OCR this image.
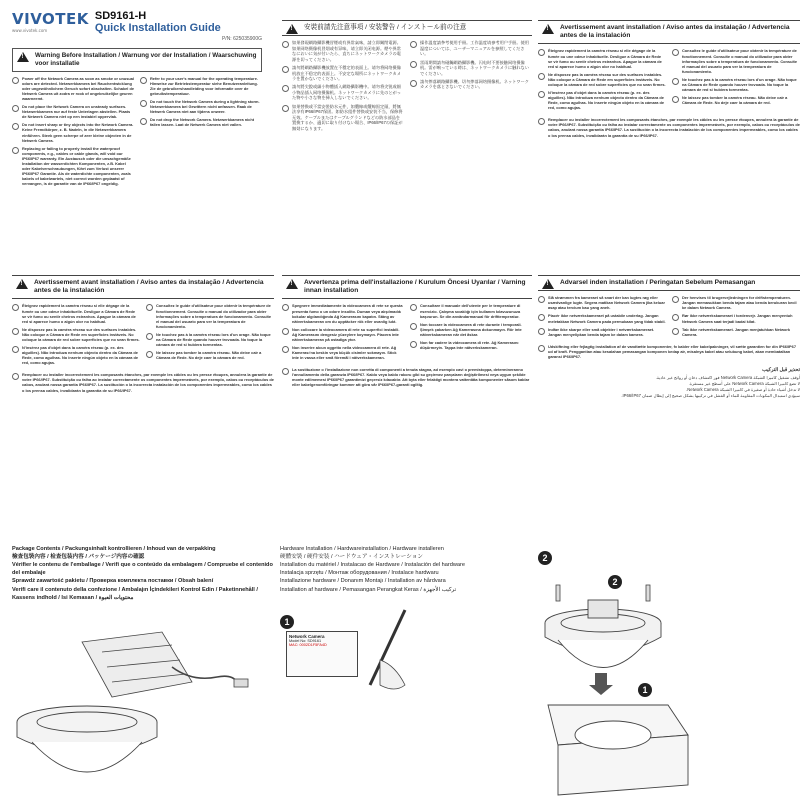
VIVOTEK
www.vivotek.com
SD9161-H
Quick Installation Guide
P/N: 625035900G
!
Warning Before Installation / Warnung vor der Installation / Waarschuwing voor installatie

Power off the Network Camera as soon as smoke or unusual odors are detected. Netzwerkkamera bei Rauchentwicklung oder ungewöhnlichem Geruch sofort abschalten. Schakel de Netwerk Camera uit zodra er rook of ongebruikelijke geuren waarneemt.

Do not place the Network Camera on unsteady surfaces. Netzwerkkamera nur auf feste Unterlagen abstellen. Plaats de Netwerk Camera niet op een instabiel oppervlak.

Do not insert sharp or tiny objects into the Network Camera. Keine Fremdkörper, z. B. Nadeln, in die Netzwerkkamera einführen. Steek geen scherpe of zeer kleine objecten in de Netwerk Camera.

Replacing or failing to properly install the waterproof components, e.g., cables or cable glands, will void our IP66/IP67 warranty. Ein Austausch oder die unsachgemäße Installation der wasserdichten Komponenten, z.B. Kabel oder Kabelverschraubungen, führt zum Verlust unserer IP66/IP67 Garantie. Als de waterdichte componenten, zoals kabels of kabelwartels, niet correct worden geplaatst of vervangen, is de garantie van de IP66/IP67 ongeldig.

Refer to your user's manual for the operating temperature. Hinweise zur Betriebstemperatur siehe Benutzeranleitung. Zie de gebruikershandleiding voor informatie over de gebruikstemperatuur.

Do not touch the Network Camera during a lightning storm. Netzwerkkamera bei Gewittern nicht anfassen. Raak de Netwerk Camera niet aan tijdens onweer.

Do not drop the Network Camera. Netzwerkkamera nicht fallen lassen. Laat de Netwerk Camera niet vallen.

!
安裝前請先注意事項 / 安装警告 / インストール前の注意

如果發現網路攝影機冒煙或有異常氣味，請立即關閉電源。如果网络摄像机冒烟或有异味，请立即关闭电源。煙や異常なにおいに気が付いたら、直ちにネットワークカメラの電源を切ってください。

請勿將網路攝影機放置在不穩定的表面上。请勿将网络摄像机放在不稳定的表面上。不安定な場所にネットワークカメラを置かないでください。

請勿將尖銳或細小物體插入網路攝影機中。请勿将尖锐或细小物品插入网络摄像机。ネットワークカメラに先のとがった物や小さな物を挿入しないでください。

如果替換或不當安裝防水元件，如纜線或纜線固定頭，將無法享有IP66/IP67保固。如防水组件替换或安装不当，保修将无效。ケーブルまたはケーブルグランドなどの防水部品を置換するか、適切に取り付けない場合、IP66/IP67の保証が無効になります。

操作溫度請參考使用手冊。工作温度请参考用户手册。使用温度については、ユーザーマニュアルを参照してください。

雷雨期間請勿碰觸網路攝影機。闪电时不要接触网络摄像机。雷が鳴っている時は、ネットワークカメラに触れないでください。

請勿摔落網路攝影機。切勿摔落网络摄像机。ネットワークカメラを落とさないでください。

!
Avertissement avant installation / Aviso antes da instalação / Advertencia antes de la instalación

Éteignez rapidement la caméra réseau si elle dégage de la fumée ou une odeur inhabituelle. Desligue a Câmara de Rede se vir fumo ou sentir cheiros estranhos. Apague la cámara de red si aparece humo o algún olor no habitual.

Ne disposez pas la caméra réseau sur des surfaces instables. Não coloque a Câmara de Rede em superfícies instáveis. No coloque la cámara de red sobre superficies que no sean firmes.

N'insérez pas d'objet dans la caméra réseau (p. ex. des aiguilles). Não introduza nenhum objecto dentro da Câmara de Rede, como agulhas. No inserte ningún objeto en la cámara de red, como agujas.

Consultez le guide d'utilisateur pour obtenir la température de fonctionnement. Consulte o manual do utilizador para obter informações sobre a temperatura de funcionamento. Consulte el manual del usuario para ver la temperatura de funcionamiento.

Ne touchez pas à la caméra réseau lors d'un orage. Não toque na Câmara de Rede quando houver trovoada. No toque la cámara de red si hubiera tormentas.

Ne laissez pas tomber la caméra réseau. Não deixe cair a Câmara de Rede. No deje caer la cámara de red.

Remplacer ou installer incorrectement les composants étanches, par exemple les câbles ou les presse étoupes, annulera la garantie de votre IP66/IP67. Substituição ou falha ao instalar correctamente os componentes impermeáveis, por exemplo, cabos ou receptáculos de cabos, anulará nossa garantia IP66/IP67. La sustitución o la incorrecta instalación de los componentes impermeables, como los cables o los prensa cables, invalidarán la garantía de su IP66/IP67.

!
Avertissement avant installation / Aviso antes da instalação / Advertencia antes de la instalación

Éteignez rapidement la caméra réseau si elle dégage de la fumée ou une odeur inhabituelle. Desligue a Câmara de Rede se vir fumo ou sentir cheiros estranhos. Apague la cámara de red si aparece humo o algún olor no habitual.

Ne disposez pas la caméra réseau sur des surfaces instables. Não coloque a Câmara de Rede em superfícies instáveis. No coloque la cámara de red sobre superficies que no sean firmes.

N'insérez pas d'objet dans la caméra réseau (p. ex. des aiguilles). Não introduza nenhum objecto dentro da Câmara de Rede, como agulhas. No inserte ningún objeto en la cámara de red, como agujas.

Consultez le guide d'utilisateur pour obtenir la température de fonctionnement. Consulte o manual do utilizador para obter informações sobre a temperatura de funcionamento. Consulte el manual del usuario para ver la temperatura de funcionamiento.

Ne touchez pas à la caméra réseau lors d'un orage. Não toque na Câmara de Rede quando houver trovoada. No toque la cámara de red si hubiera tormentas.

Ne laissez pas tomber la caméra réseau. Não deixe cair a Câmara de Rede. No deje caer la cámara de red.

Remplacer ou installer incorrectement les composants étanches, par exemple les câbles ou les presse étoupes, annulera la garantie de votre IP66/IP67. Substituição ou falha ao instalar correctamente os componentes impermeáveis, por exemplo, cabos ou receptáculos de cabos, anulará nossa garantia IP66/IP67. La sustitución o la incorrecta instalación de los componentes impermeables, como los cables o los prensa cables, invalidarán la garantía de su IP66/IP67.

!
Avvertenza prima dell'installazione / Kurulum Öncesi Uyarılar / Varning innan installation

Spegnere immediatamente la videocamera di rete se questa presenta fumo o un odore insolito. Duman veya alışılmadık kokular algılandığında Ağ Kamerasını kapatın. Stäng av nätverkskameran om du upptäcker rök eller ovanlig lukt.

Non collocare la videocamera di rete su superfici instabili. Ağ Kamerasını dengesiz yüzeylere koymayın. Placera inte nätverkskameran på ostadiga ytor.

Non inserire alcun oggetto nella videocamera di rete. Ağ Kamerası'na keskin veya küçük cisimler sokmayın. Stick inte in vassa eller små föremål i nätverkskameran.

Consultare il manuale dell'utente per le temperature di esercizio. Çalışma sıcaklığı için kullanım kılavuzunuza başvurun. Se din användarmanual för drifttemperatur.

Non toccare la videocamera di rete durante i temporali. Şimşek çakarken Ağ Kamerasına dokunmayın. Rör inte nätverkskameran när det åskar.

Non far cadere la videocamera di rete. Ağ Kamerasını düşürmeyin. Tappa inte nätverkskameran.

La sostituzione o l'installazione non corretta di componenti a tenuta stagna, ad esempio cavi o premistoppa, determineranno l'annullamento della garanzia IP66/IP67. Kablo veya kablo rakoru gibi su geçirmez parçaların değiştirilmesi veya uygun şekilde monte edilmemesi IP66/IP67 garantimizi geçersiz kılacaktır. Att byta eller felaktigt montera vattentäta komponenter såsom kablar eller kabelgenomföringar kommer att göra vår IP66/IP67-garanti ogiltig.

!
Advarsel inden installation / Peringatan Sebelum Pemasangan

Slå strømmen fra kameraet så snart der kan lugtes røg eller usædvanlige lugte. Segera matikan Network Camera jika keluar asap atau tercium bau yang aneh.

Placér ikke netværkskameraet på ustabile underlag. Jangan meletakkan Network Camera pada permukaan yang tidak stabil.

Indfør ikke skarpe eller små objekter i netværkskameraet. Jangan menyelipkan benda tajam ke dalam kamera.

Der henvises til brugervejledningen for driftstemperaturen. Jangan memasukkan benda tajam atau benda berukuran kecil ke dalam Network Camera.

Rør ikke netværkskameraet i tordenvejr. Jangan menyentuh Network Camera saat terjadi badai kilat.

Tab ikke netværkskameraet. Jangan menjatuhkan Network Camera.

Udskiftning eller fejlagtig installation af de vandtætte komponenter, fx kabler eller kabelpakninger, vil sætte garantien for din IP66/IP67 ud af kraft. Penggantian atau kesalahan pemasangan komponen kedap air, misalnya kabel atau selubung kabel, akan membatalkan garansi IP66/IP67.

تحذير قبل التركيب
أوقف تشغيل كاميرا الشبكة Network Camera فور اكتشاف دخان أو روائح غير عادية.
لا تضع كاميرا الشبكة Network Camera على أسطح غير مستقرة.
لا تدخل أشياء حادة أو صغيرة في كاميرا الشبكة Network Camera.
سيؤدي استبدال المكونات المقاومة للماء أو الفشل في تركيبها بشكل صحيح إلى إبطال ضمان IP66/IP67.
Package Contents / Packungsinhalt kontrollieren / Inhoud van de verpakking
檢查包裝內容 / 检查包装内容 / パッケージ内容の確認
Vérifier le contenu de l'emballage / Verifi que o conteúdo da embalagem / Compruebe el contenido del embalaje
Sprawdź zawartość pakietu / Проверка комплекта поставки / Obsah balení
Verifi care il contenuto della confezione / Ambalajın İçindekileri Kontrol Edin / Paketinnehåll / Kassens indhold / Isi Kemasan / محتويات العبوة
Hardware Installation / Hardwareinstallation / Hardware installeren
硬體安裝 / 硬件安装 / ハードウェア・インストレーション
Installation du matériel / Instalacao de Hardware / Instalación del hardware
Instalacja sprzętu / Монтаж оборудования / Instalace hardwaru
Installazione hardware / Donanım Montajı / Installation av hårdvara
Installation af hardware / Pemasangan Perangkat Keras / تركيب الأجهزة
1
Network Camera
Model No: SD9161
MAC: 0002D1F5FA4D
2
2
1
